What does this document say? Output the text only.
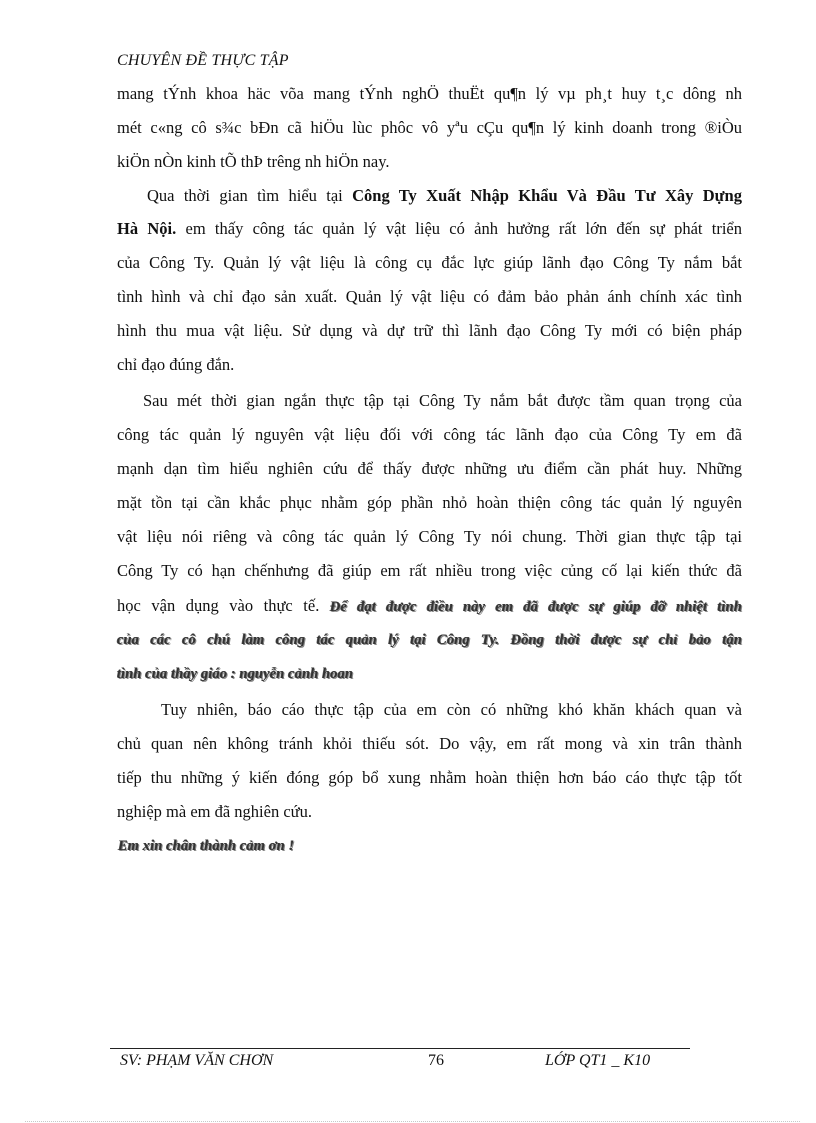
CHUYÊN ĐỀ THỰC TẬP
mang tÝnh khoa häc võa mang tÝnh nghÖ thuËt qu¶n lý vµ ph¸t huy t¸c dông nh
mét c«ng cô s¾c bÐn cã hiÖu lùc phôc vô yªu cÇu qu¶n lý kinh doanh trong ®iÒu
kiÖn nÒn kinh tÕ thÞ trêng nh hiÖn nay.
Qua thời gian tìm hiểu tại Công Ty Xuất Nhập Khẩu Và Đầu Tư Xây Dựng
Hà Nội. em thấy công tác quản lý vật liệu có ảnh hưởng rất lớn đến sự phát triển
của Công Ty. Quản lý vật liệu là công cụ đắc lực giúp lãnh đạo Công Ty nắm bắt
tình hình và chỉ đạo sản xuất. Quản lý vật liệu có đảm bảo phản ánh chính xác tình
hình thu mua vật liệu. Sử dụng và dự trữ thì lãnh đạo Công Ty mới có biện pháp
chỉ đạo đúng đắn.
Sau mét thời gian ngắn thực tập tại Công Ty nắm bắt được tầm quan trọng của
công tác quản lý nguyên vật liệu đối với công tác lãnh đạo của Công Ty em đã
mạnh dạn tìm hiểu nghiên cứu để thấy được những ưu điểm cần phát huy. Những
mặt tồn tại cần khắc phục nhằm góp phần nhỏ hoàn thiện công tác quản lý nguyên
vật liệu nói riêng và công tác quản lý Công Ty nói chung. Thời gian thực tập tại
Công Ty có hạn chếnhưng đã giúp em rất nhiều trong việc củng cố lại kiến thức đã
học vận dụng vào thực tế. Để đạt được điều này em đã được sự giúp đỡ nhiệt tình
của các cô chú làm công tác quản lý tại Công Ty. Đồng thời được sự chỉ bảo tận
tình của thầy giáo : nguyễn cảnh hoan
Tuy nhiên, báo cáo thực tập của em còn có những khó khăn khách quan và
chủ quan nên không tránh khỏi thiếu sót. Do vậy, em rất mong và xin trân thành
tiếp thu những ý kiến đóng góp bổ xung nhằm hoàn thiện hơn báo cáo thực tập tốt
nghiệp mà em đã nghiên cứu.
Em xin chân thành cảm ơn !
SV: PHẠM VĂN CHƠN	76	LỚP QT1 _ K10
